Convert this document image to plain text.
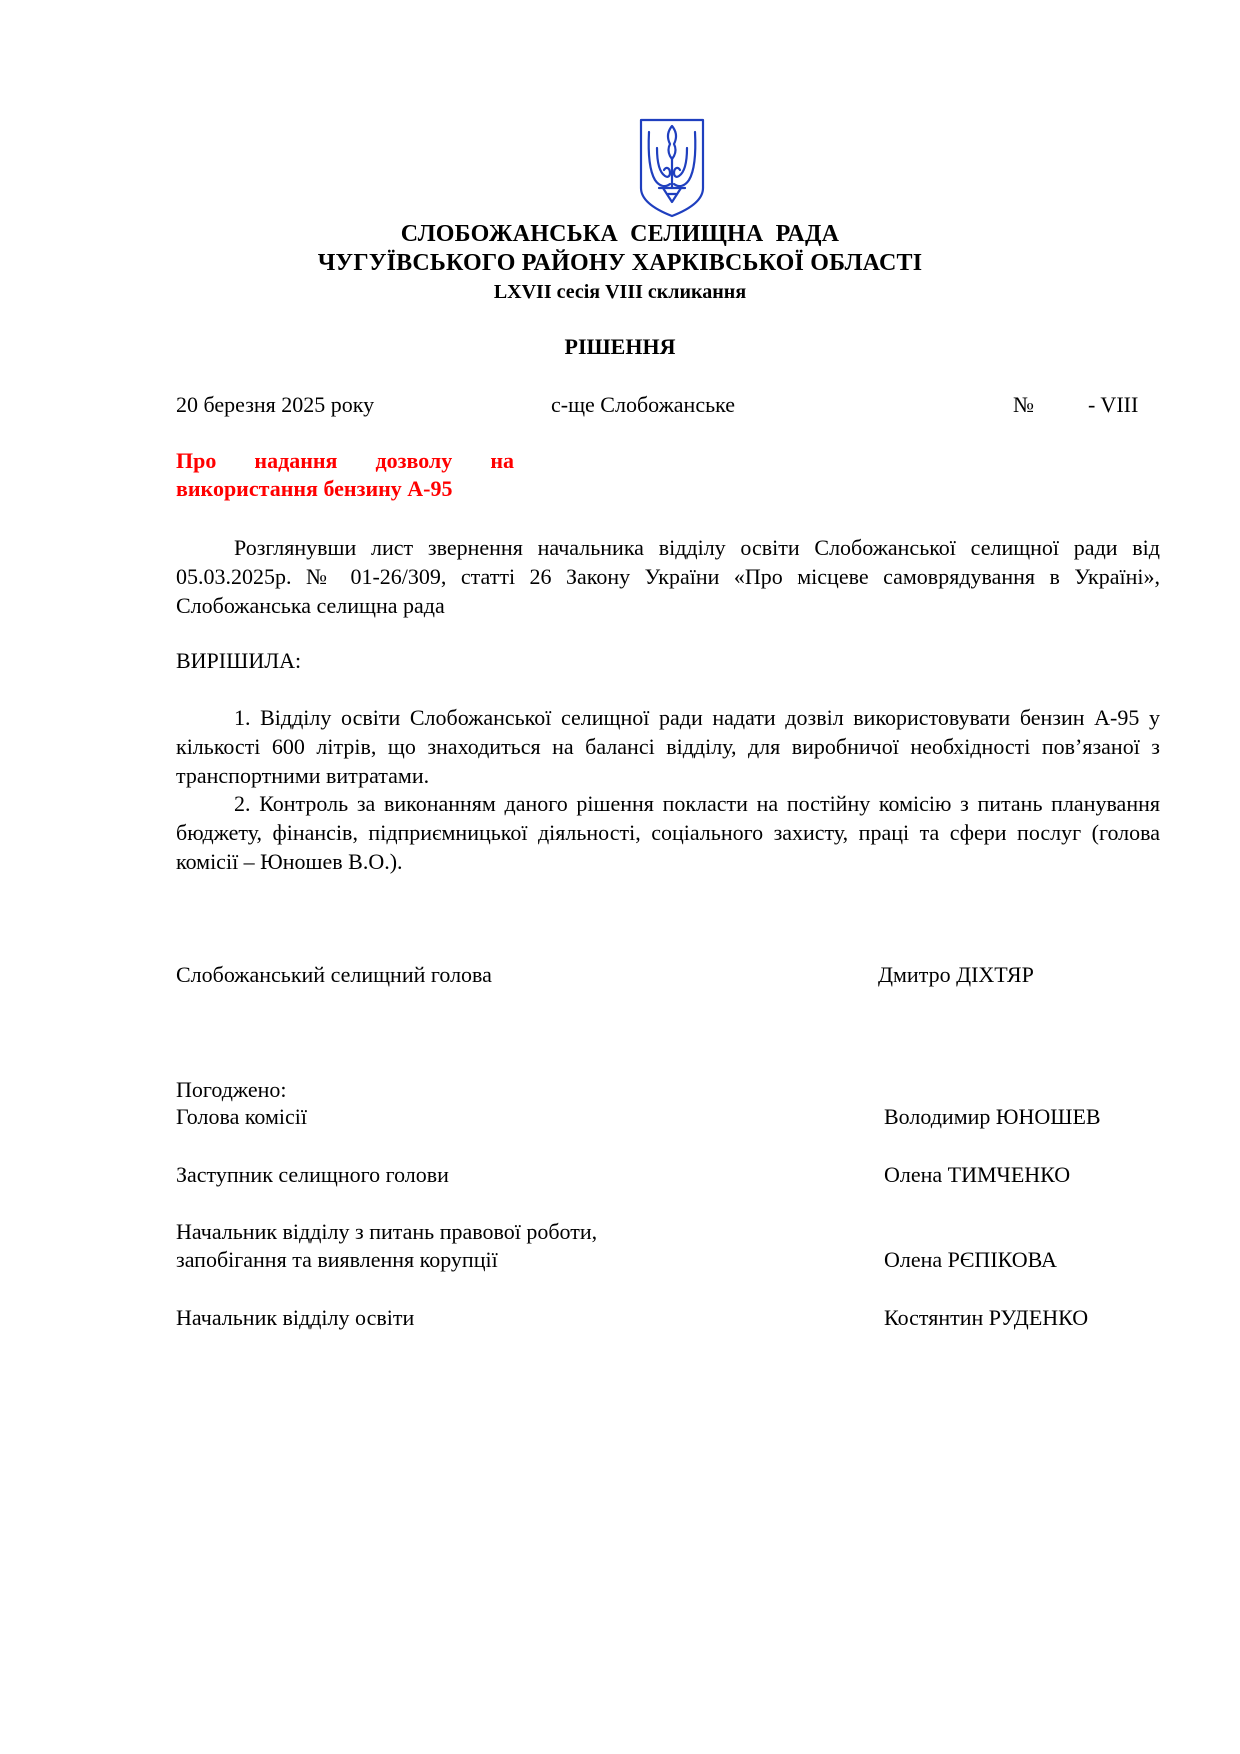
СЛОБОЖАНСЬКА СЕЛИЩНА РАДА
ЧУГУЇВСЬКОГО РАЙОНУ ХАРКІВСЬКОЇ ОБЛАСТІ
LXVII сесія VIII скликання
РІШЕННЯ
20 березня 2025 року	с-ще Слобожанське	№ - VIII
Про надання дозволу на
використання бензину А-95
Розглянувши лист звернення начальника відділу освіти Слобожанської селищної ради від 05.03.2025р. № 01-26/309, статті 26 Закону України «Про місцеве самоврядування в Україні», Слобожанська селищна рада
ВИРІШИЛА:
1. Відділу освіти Слобожанської селищної ради надати дозвіл використовувати бензин А-95 у кількості 600 літрів, що знаходиться на балансі відділу, для виробничої необхідності пов’язаної з транспортними витратами.
2. Контроль за виконанням даного рішення покласти на постійну комісію з питань планування бюджету, фінансів, підприємницької діяльності, соціального захисту, праці та сфери послуг (голова комісії – Юношев В.О.).
Слобожанський селищний голова	Дмитро ДІХТЯР
Погоджено:
Голова комісії	Володимир ЮНОШЕВ
Заступник селищного голови	Олена ТИМЧЕНКО
Начальник відділу з питань правової роботи,
запобігання та виявлення корупції	Олена РЄПІКОВА
Начальник відділу освіти	Костянтин РУДЕНКО
